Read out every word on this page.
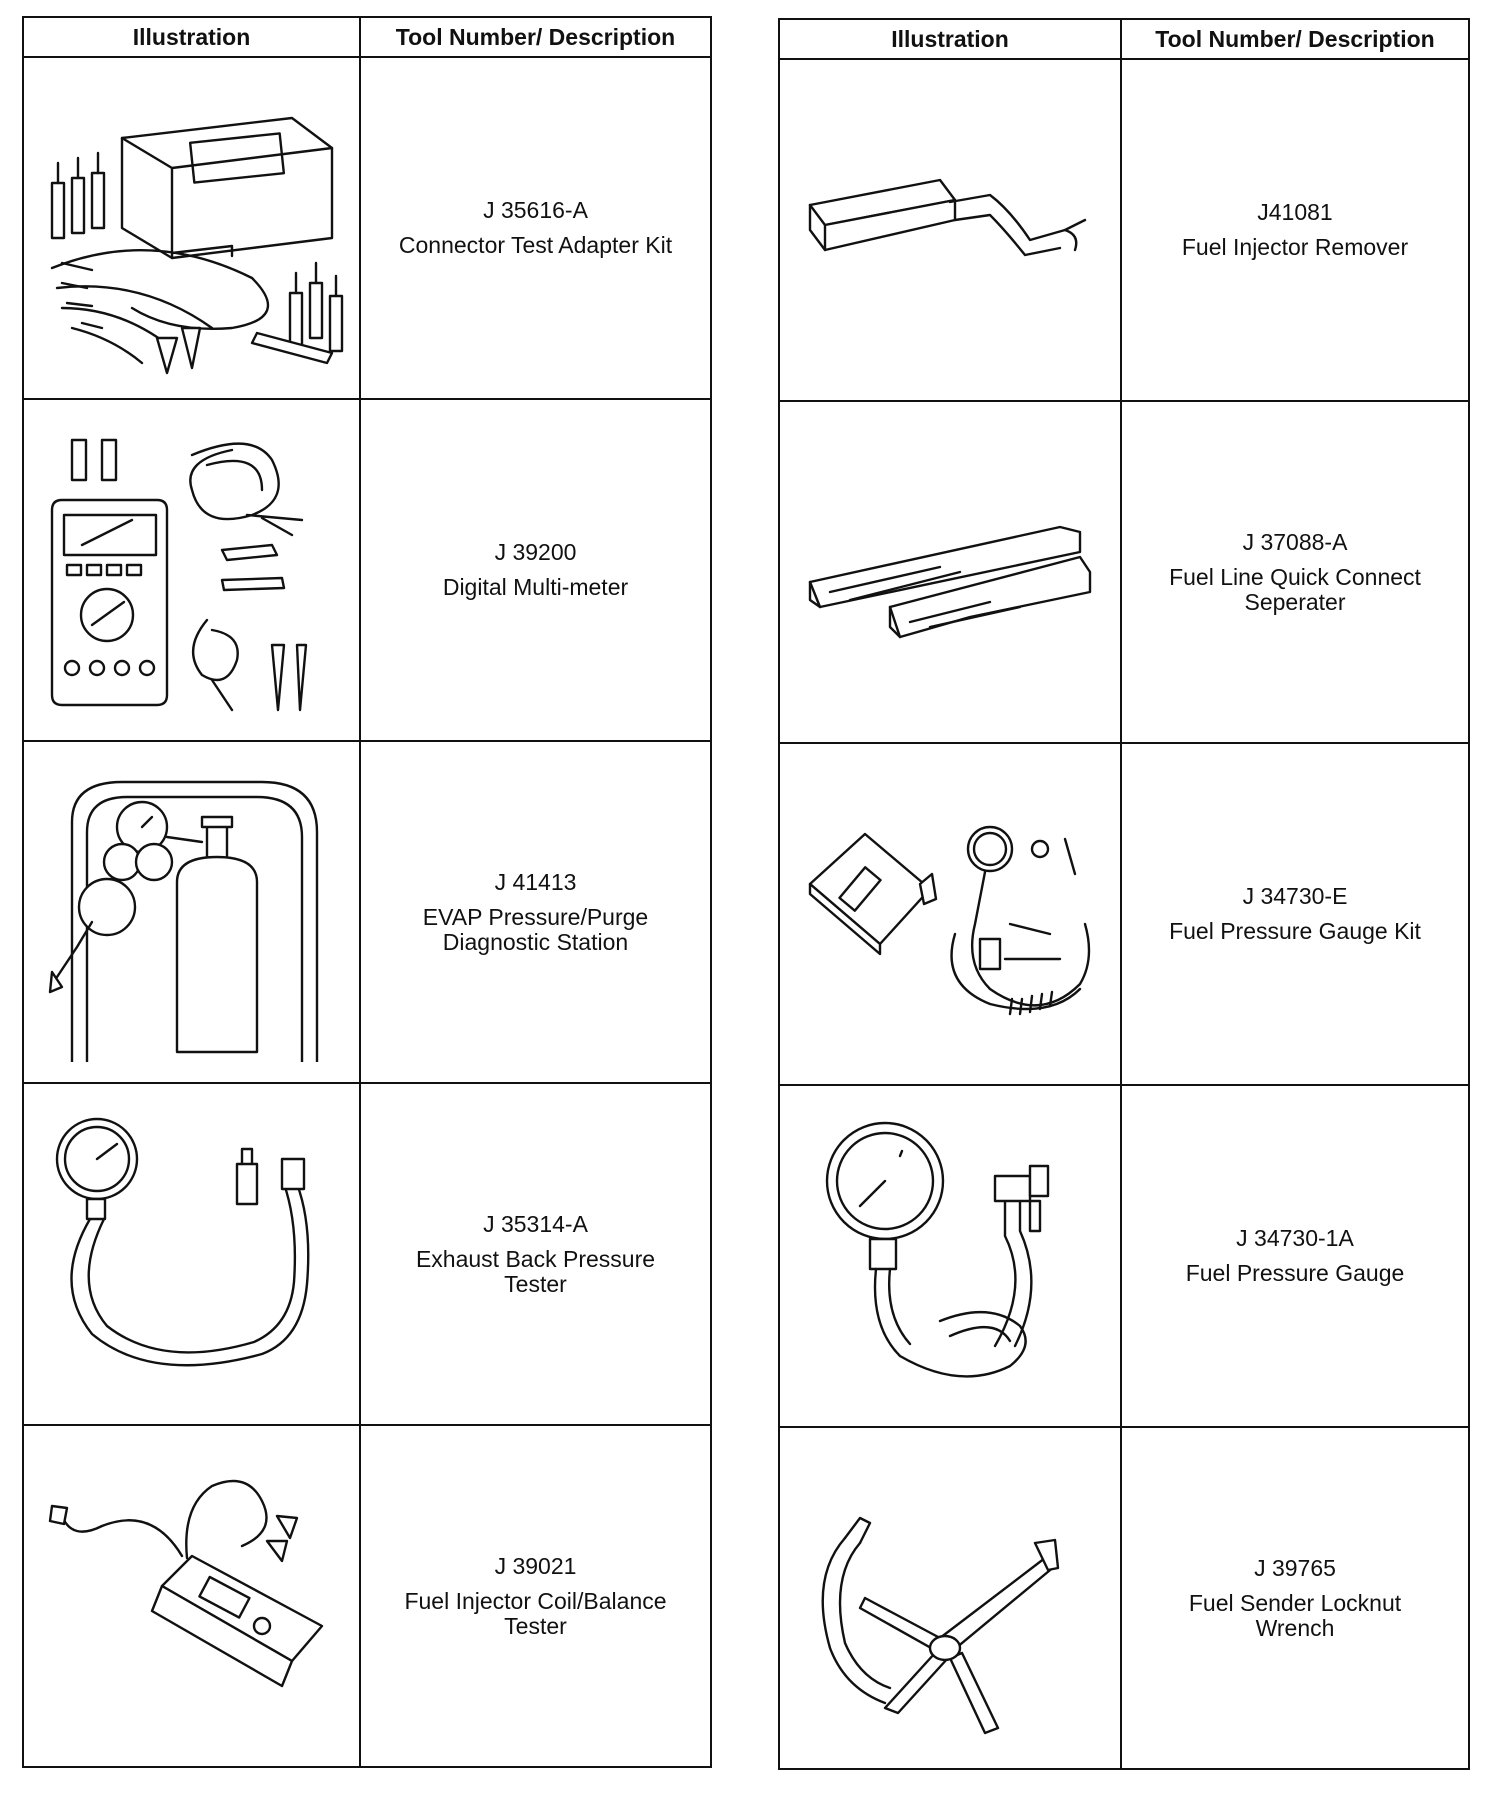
Illustration	Tool Number/ Description

J 35616-A
Connector Test Adapter Kit

J 39200
Digital Multi-meter

J 41413
EVAP Pressure/Purge
Diagnostic Station

J 35314-A
Exhaust Back Pressure
Tester

J 39021
Fuel Injector Coil/Balance
Tester
Illustration	Tool Number/ Description

J41081
Fuel Injector Remover

J 37088-A
Fuel Line Quick Connect
Seperater

J 34730-E
Fuel Pressure Gauge Kit

J 34730-1A
Fuel Pressure Gauge

J 39765
Fuel Sender Locknut
Wrench
